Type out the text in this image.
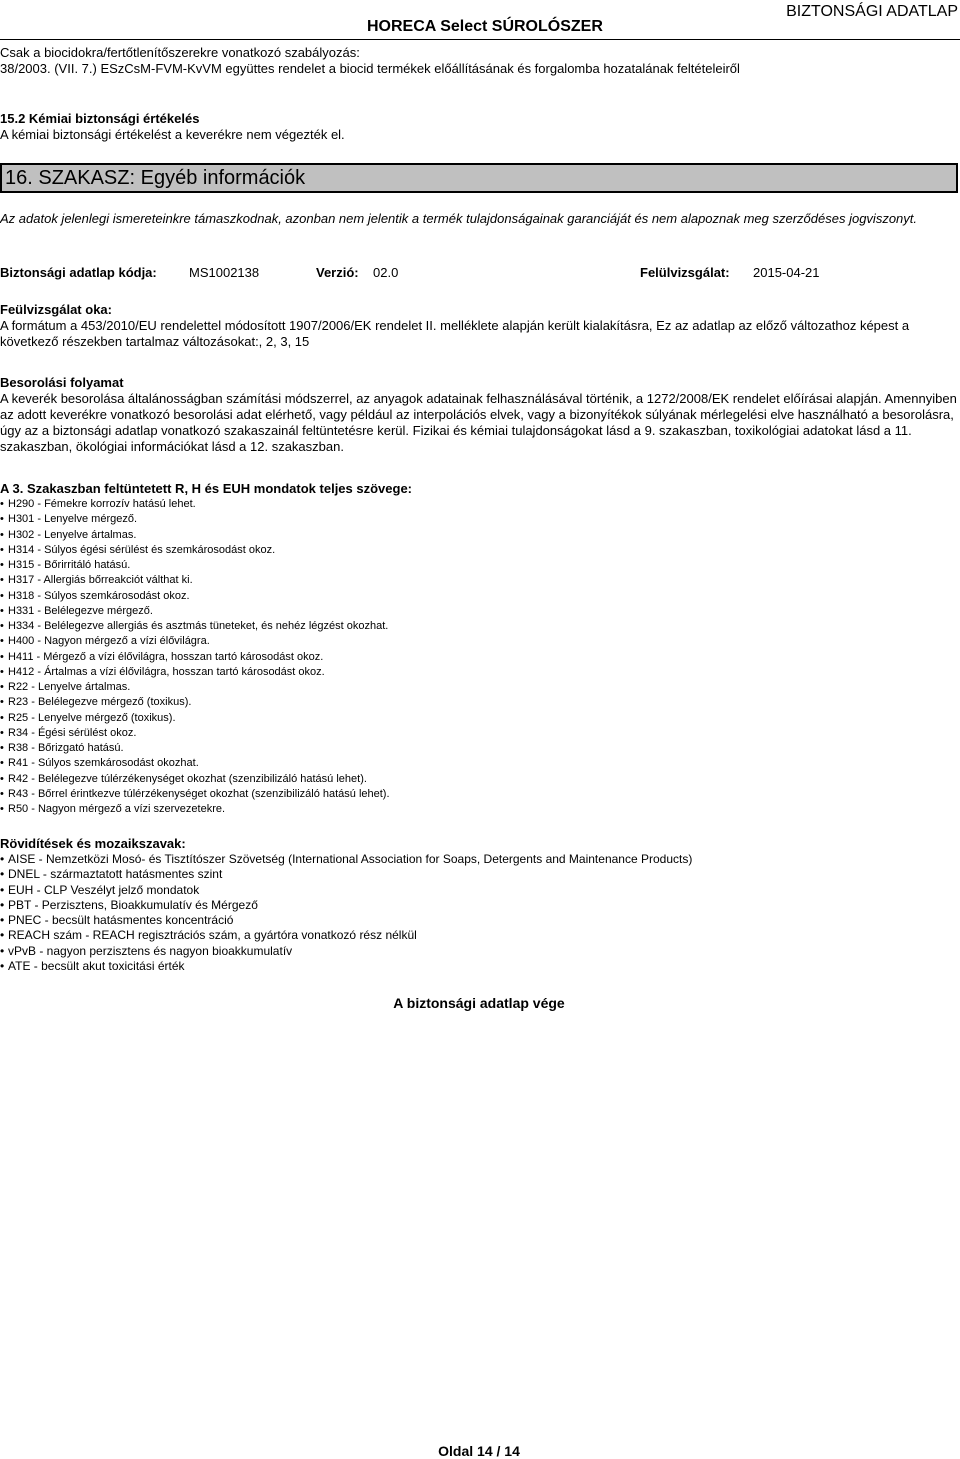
HORECA Select SÚROLÓSZER
BIZTONSÁGI ADATLAP
Csak a biocidokra/fertőtlenítőszerekre vonatkozó szabályozás:
38/2003. (VII. 7.) ESzCsM-FVM-KvVM együttes rendelet a biocid termékek előállításának és forgalomba hozatalának feltételeiről
15.2 Kémiai biztonsági értékelés
A kémiai biztonsági értékelést a keverékre nem végezték el.
16. SZAKASZ: Egyéb információk
Az adatok jelenlegi ismereteinkre támaszkodnak, azonban nem jelentik a termék tulajdonságainak garanciáját és nem alapoznak meg szerződéses jogviszonyt.
Biztonsági adatlap kódja: MS1002138	Verzió: 02.0	Felülvizsgálat: 2015-04-21
Feülvizsgálat oka:
A formátum a 453/2010/EU rendelettel módosított 1907/2006/EK rendelet II. melléklete alapján került kialakításra, Ez az adatlap az előző változathoz képest a következő részekben tartalmaz változásokat:, 2, 3, 15
Besorolási folyamat
A keverék besorolása általánosságban számítási módszerrel, az anyagok adatainak felhasználásával történik, a 1272/2008/EK rendelet előírásai alapján. Amennyiben az adott keverékre vonatkozó besorolási adat elérhető, vagy például az interpolációs elvek, vagy a bizonyítékok súlyának mérlegelési elve használható a besorolásra, úgy az a biztonsági adatlap vonatkozó szakaszainál feltüntetésre kerül. Fizikai és kémiai tulajdonságokat lásd a 9. szakaszban, toxikológiai adatokat lásd a 11. szakaszban, ökológiai információkat lásd a 12. szakaszban.
A 3. Szakaszban feltüntetett R, H és EUH mondatok teljes szövege:
• H290 - Fémekre korrozív hatású lehet.
• H301 - Lenyelve mérgező.
• H302 - Lenyelve ártalmas.
• H314 - Súlyos égési sérülést és szemkárosodást okoz.
• H315 - Bőrirritáló hatású.
• H317 - Allergiás bőrreakciót válthat ki.
• H318 - Súlyos szemkárosodást okoz.
• H331 - Belélegezve mérgező.
• H334 - Belélegezve allergiás és asztmás tüneteket, és nehéz légzést okozhat.
• H400 - Nagyon mérgező a vízi élővilágra.
• H411 - Mérgező a vízi élővilágra, hosszan tartó károsodást okoz.
• H412 - Ártalmas a vízi élővilágra, hosszan tartó károsodást okoz.
• R22 - Lenyelve ártalmas.
• R23 - Belélegezve mérgező (toxikus).
• R25 - Lenyelve mérgező (toxikus).
• R34 - Égési sérülést okoz.
• R38 - Bőrizgató hatású.
• R41 - Súlyos szemkárosodást okozhat.
• R42 - Belélegezve túlérzékenységet okozhat (szenzibilizáló hatású lehet).
• R43 - Bőrrel érintkezve túlérzékenységet okozhat (szenzibilizáló hatású lehet).
• R50 - Nagyon mérgező a vízi szervezetekre.
Rövidítések és mozaikszavak:
• AISE - Nemzetközi Mosó- és Tisztítószer Szövetség (International Association for Soaps, Detergents and Maintenance Products)
• DNEL - származtatott hatásmentes szint
• EUH - CLP Veszélyt jelző mondatok
• PBT - Perzisztens, Bioakkumulatív és Mérgező
• PNEC - becsült hatásmentes koncentráció
• REACH szám - REACH regisztrációs szám, a gyártóra vonatkozó rész nélkül
• vPvB - nagyon perzisztens és nagyon bioakkumulatív
• ATE - becsült akut toxicitási érték
A biztonsági adatlap vége
Oldal 14 / 14
